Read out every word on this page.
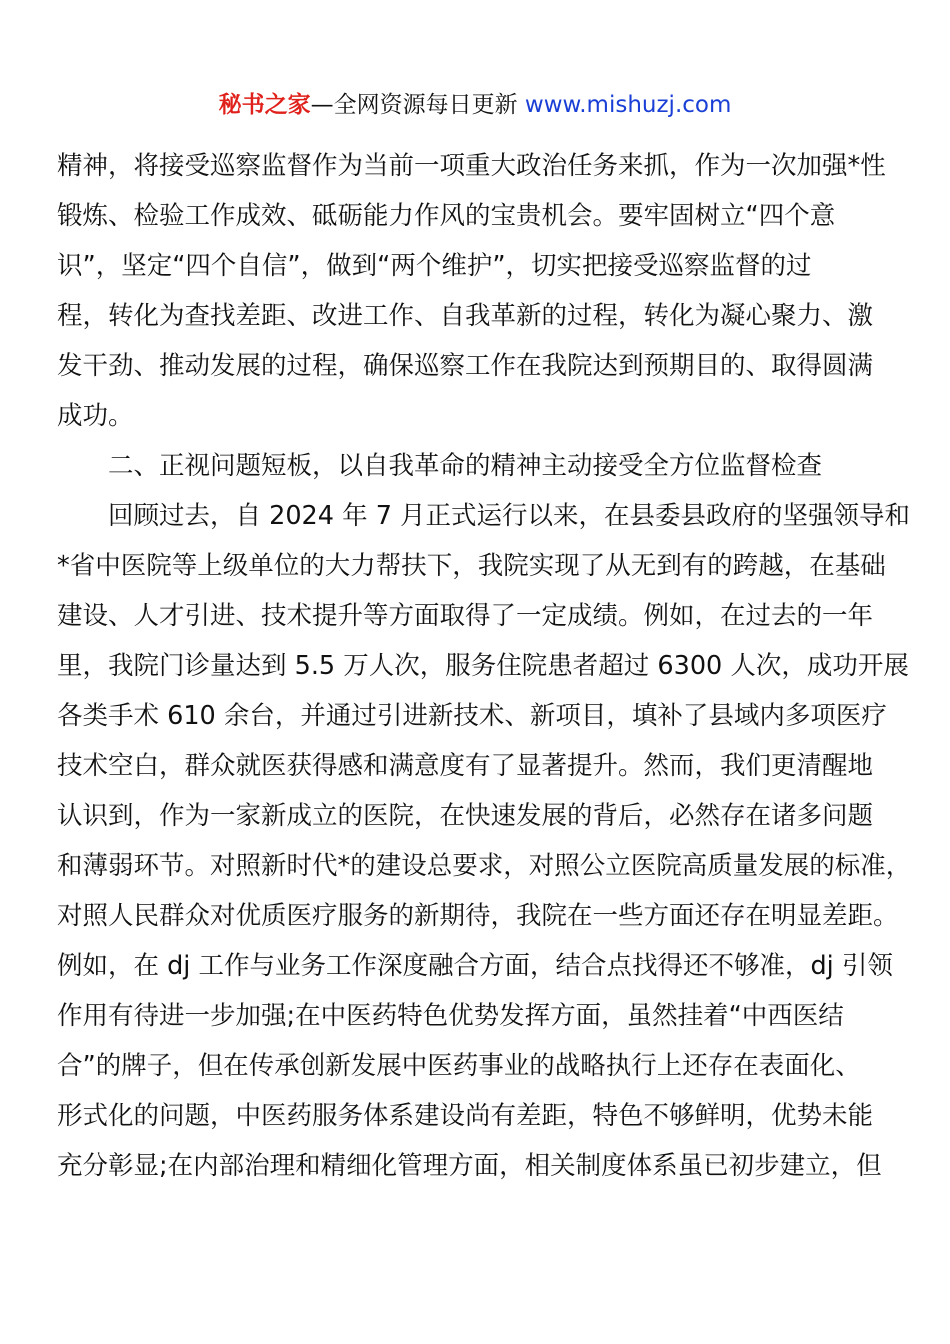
秘书之家—全网资源每日更新 www.mishuzj.com
精神，将接受巡察监督作为当前一项重大政治任务来抓，作为一次加强*性
锻炼、检验工作成效、砥砺能力作风的宝贵机会。要牢固树立“四个意
识”，坚定“四个自信”，做到“两个维护”，切实把接受巡察监督的过
程，转化为查找差距、改进工作、自我革新的过程，转化为凝心聚力、激
发干劲、推动发展的过程，确保巡察工作在我院达到预期目的、取得圆满
成功。
二、正视问题短板，以自我革命的精神主动接受全方位监督检查
回顾过去，自 2024 年 7 月正式运行以来，在县委县政府的坚强领导和
*省中医院等上级单位的大力帮扶下，我院实现了从无到有的跨越，在基础
建设、人才引进、技术提升等方面取得了一定成绩。例如，在过去的一年
里，我院门诊量达到 5.5 万人次，服务住院患者超过 6300 人次，成功开展
各类手术 610 余台，并通过引进新技术、新项目，填补了县域内多项医疗
技术空白，群众就医获得感和满意度有了显著提升。然而，我们更清醒地
认识到，作为一家新成立的医院，在快速发展的背后，必然存在诸多问题
和薄弱环节。对照新时代*的建设总要求，对照公立医院高质量发展的标准，
对照人民群众对优质医疗服务的新期待，我院在一些方面还存在明显差距。
例如，在 dj 工作与业务工作深度融合方面，结合点找得还不够准，dj 引领
作用有待进一步加强;在中医药特色优势发挥方面，虽然挂着“中西医结
合”的牌子，但在传承创新发展中医药事业的战略执行上还存在表面化、
形式化的问题，中医药服务体系建设尚有差距，特色不够鲜明，优势未能
充分彰显;在内部治理和精细化管理方面，相关制度体系虽已初步建立，但
